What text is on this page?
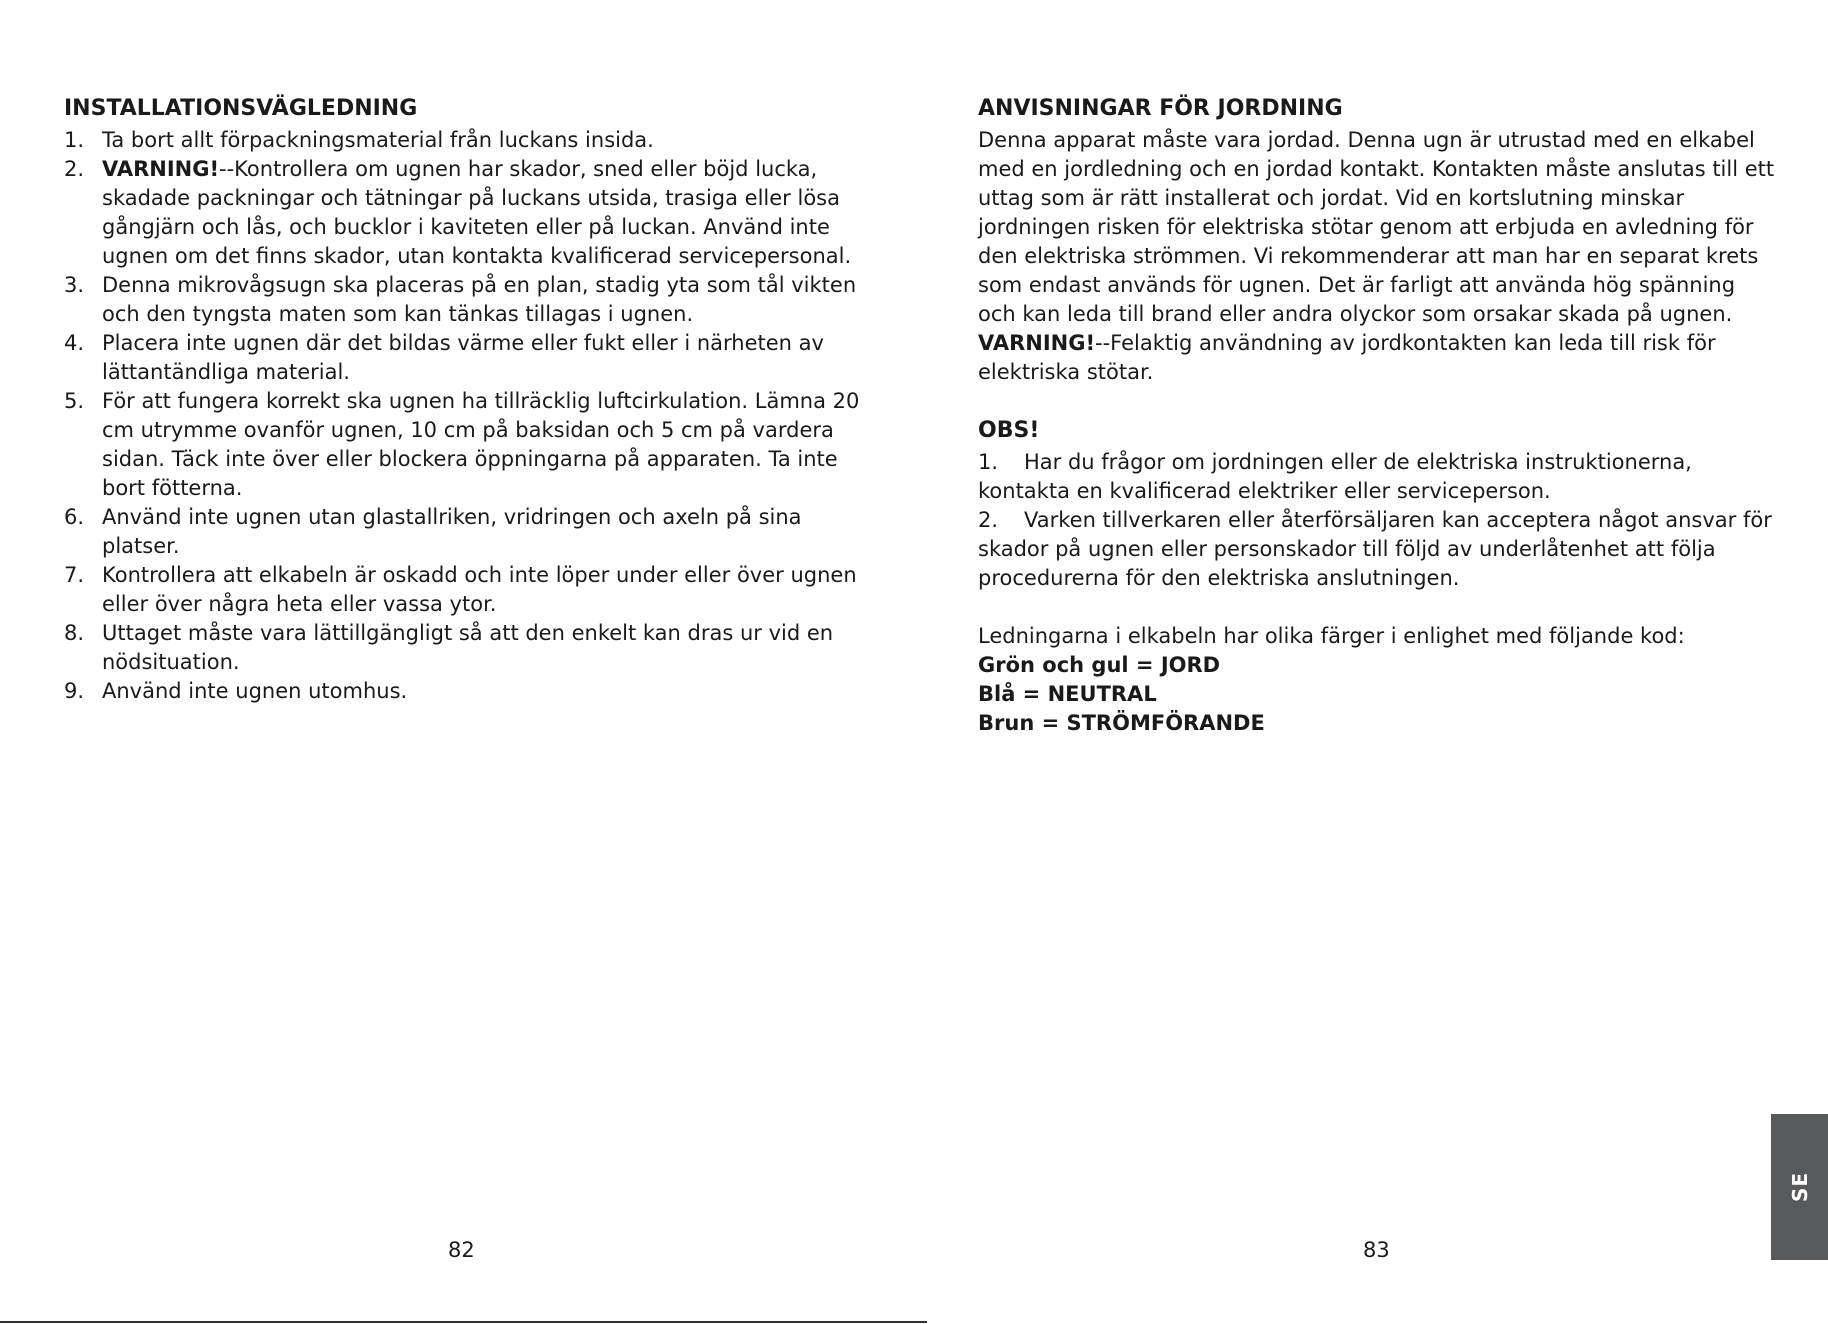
INSTALLATIONSVÄGLEDNING
1. Ta bort allt förpackningsmaterial från luckans insida.
2. VARNING!--Kontrollera om ugnen har skador, sned eller böjd lucka, skadade packningar och tätningar på luckans utsida, trasiga eller lösa gångjärn och lås, och bucklor i kaviteten eller på luckan. Använd inte ugnen om det finns skador, utan kontakta kvalificerad servicepersonal.
3. Denna mikrovågsugn ska placeras på en plan, stadig yta som tål vikten och den tyngsta maten som kan tänkas tillagas i ugnen.
4. Placera inte ugnen där det bildas värme eller fukt eller i närheten av lättantändliga material.
5. För att fungera korrekt ska ugnen ha tillräcklig luftcirkulation. Lämna 20 cm utrymme ovanför ugnen, 10 cm på baksidan och 5 cm på vardera sidan. Täck inte över eller blockera öppningarna på apparaten. Ta inte bort fötterna.
6. Använd inte ugnen utan glastallriken, vridringen och axeln på sina platser.
7. Kontrollera att elkabeln är oskadd och inte löper under eller över ugnen eller över några heta eller vassa ytor.
8. Uttaget måste vara lättillgängligt så att den enkelt kan dras ur vid en nödsituation.
9. Använd inte ugnen utomhus.
82
ANVISNINGAR FÖR JORDNING

Denna apparat måste vara jordad. Denna ugn är utrustad med en elkabel med en jordledning och en jordad kontakt. Kontakten måste anslutas till ett uttag som är rätt installerat och jordat. Vid en kortslutning minskar jordningen risken för elektriska stötar genom att erbjuda en avledning för den elektriska strömmen. Vi rekommenderar att man har en separat krets som endast används för ugnen. Det är farligt att använda hög spänning och kan leda till brand eller andra olyckor som orsakar skada på ugnen.

VARNING!--Felaktig användning av jordkontakten kan leda till risk för elektriska stötar.

OBS!

1. Har du frågor om jordningen eller de elektriska instruktionerna, kontakta en kvalificerad elektriker eller serviceperson.

2. Varken tillverkaren eller återförsäljaren kan acceptera något ansvar för skador på ugnen eller personskador till följd av underlåtenhet att följa procedurerna för den elektriska anslutningen.

Ledningarna i elkabeln har olika färger i enlighet med följande kod:

Grön och gul = JORD

Blå = NEUTRAL

Brun = STRÖMFÖRANDE

83
SE
